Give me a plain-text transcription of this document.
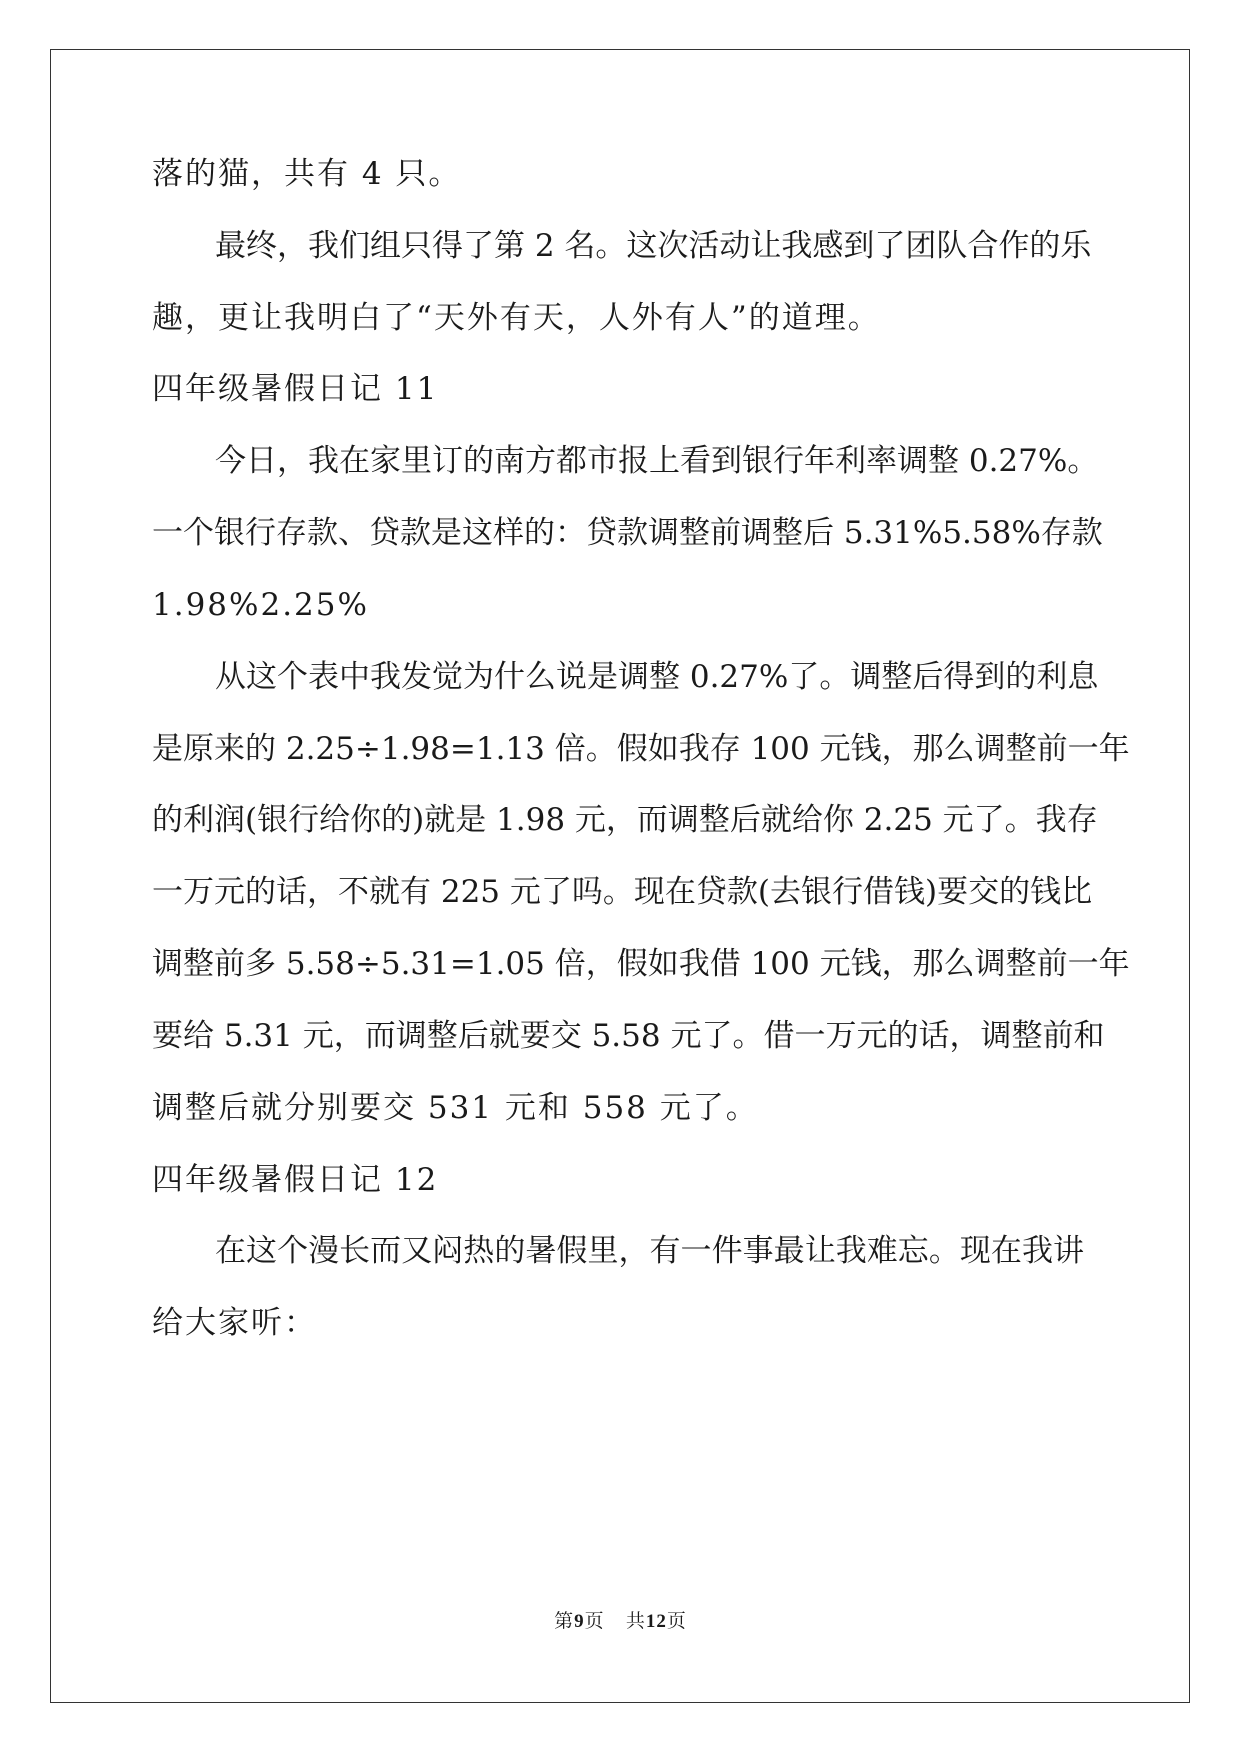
落的猫，共有 4 只。
最终，我们组只得了第 2 名。这次活动让我感到了团队合作的乐
趣，更让我明白了“天外有天，人外有人”的道理。
四年级暑假日记 11
今日，我在家里订的南方都市报上看到银行年利率调整 0.27%。
一个银行存款、贷款是这样的：贷款调整前调整后 5.31%5.58%存款
1.98%2.25%
从这个表中我发觉为什么说是调整 0.27%了。调整后得到的利息
是原来的 2.25÷1.98=1.13 倍。假如我存 100 元钱，那么调整前一年
的利润(银行给你的)就是 1.98 元，而调整后就给你 2.25 元了。我存
一万元的话，不就有 225 元了吗。现在贷款(去银行借钱)要交的钱比
调整前多 5.58÷5.31=1.05 倍，假如我借 100 元钱，那么调整前一年
要给 5.31 元，而调整后就要交 5.58 元了。借一万元的话，调整前和
调整后就分别要交 531 元和 558 元了。
四年级暑假日记 12
在这个漫长而又闷热的暑假里，有一件事最让我难忘。现在我讲
给大家听：
第9页 共12页
